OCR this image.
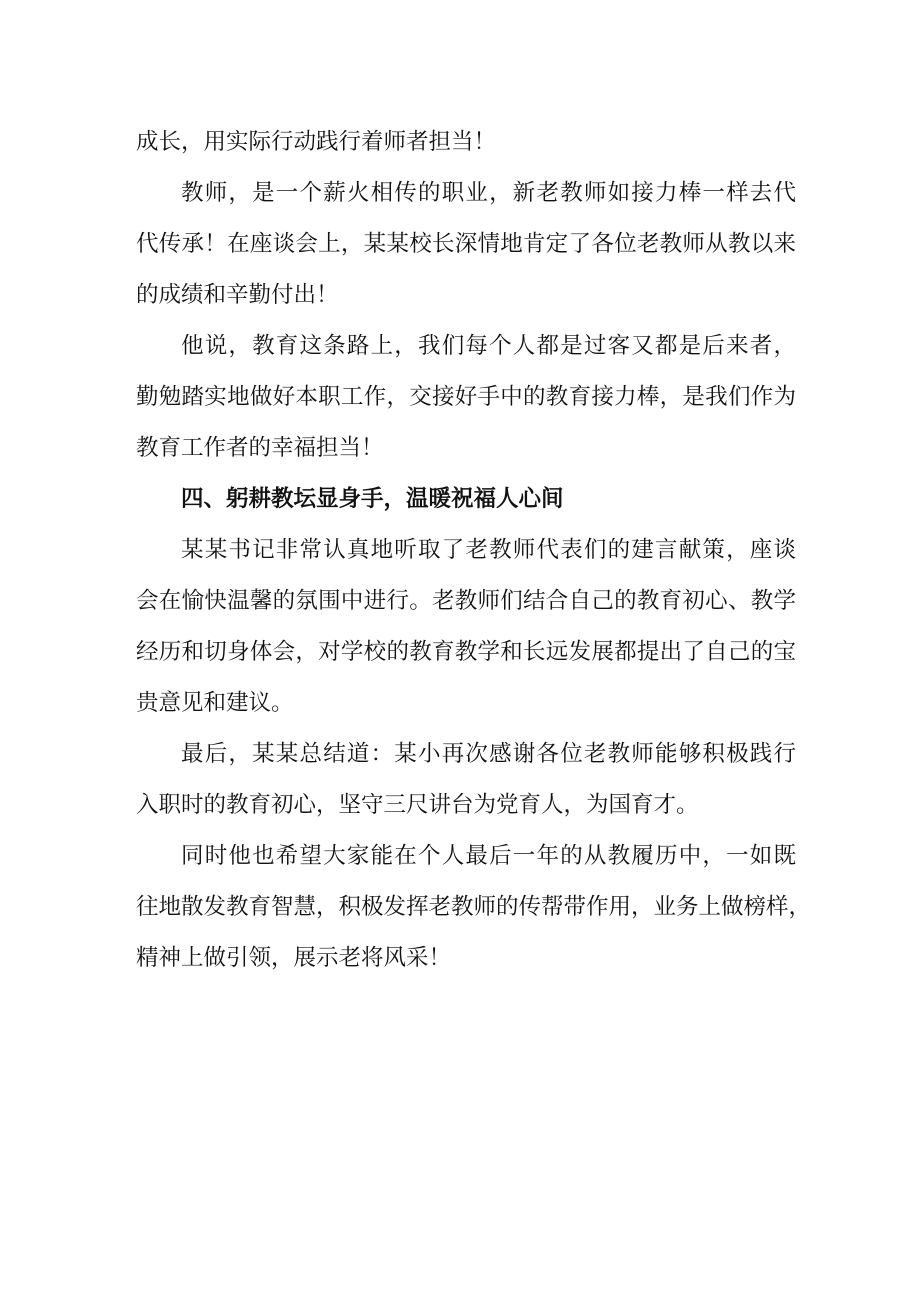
成长，用实际行动践行着师者担当！

教师，是一个薪火相传的职业，新老教师如接力棒一样去代

代传承！在座谈会上，某某校长深情地肯定了各位老教师从教以来

的成绩和辛勤付出！

他说，教育这条路上，我们每个人都是过客又都是后来者，

勤勉踏实地做好本职工作，交接好手中的教育接力棒，是我们作为

教育工作者的幸福担当！

四、躬耕教坛显身手，温暖祝福人心间

某某书记非常认真地听取了老教师代表们的建言献策，座谈

会在愉快温馨的氛围中进行。老教师们结合自己的教育初心、教学

经历和切身体会，对学校的教育教学和长远发展都提出了自己的宝

贵意见和建议。

最后，某某总结道：某小再次感谢各位老教师能够积极践行

入职时的教育初心，坚守三尺讲台为党育人，为国育才。

同时他也希望大家能在个人最后一年的从教履历中，一如既

往地散发教育智慧，积极发挥老教师的传帮带作用，业务上做榜样，

精神上做引领，展示老将风采！
